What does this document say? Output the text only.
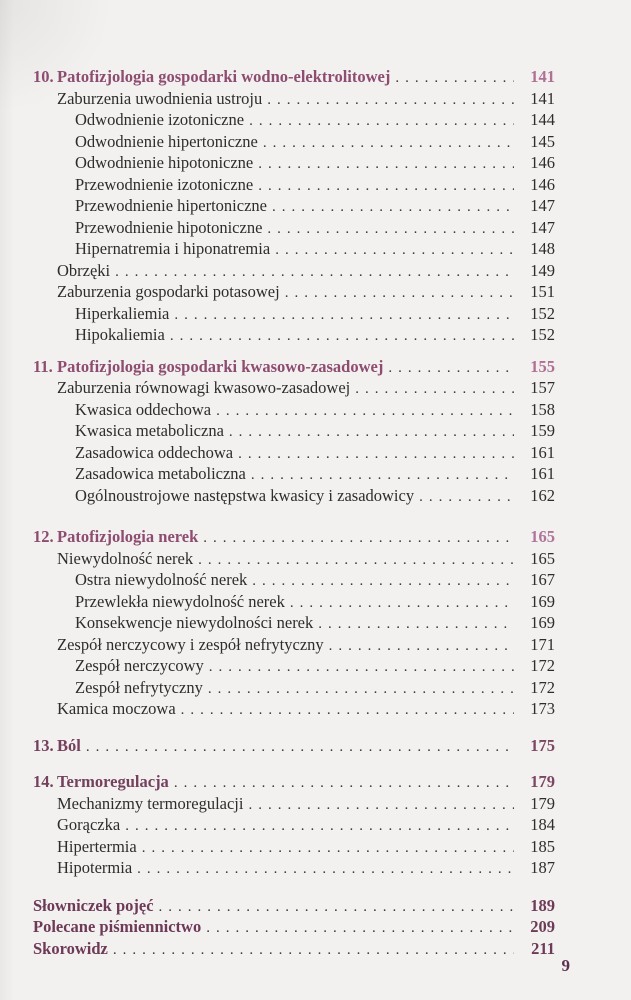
10. Patofizjologia gospodarki wodno-elektrolitowej .....	141
Zaburzenia uwodnienia ustroju .....	141
Odwodnienie izotoniczne .....	144
Odwodnienie hipertoniczne .....	145
Odwodnienie hipotoniczne .....	146
Przewodnienie izotoniczne .....	146
Przewodnienie hipertoniczne .....	147
Przewodnienie hipotoniczne .....	147
Hipernatremia i hiponatremia .....	148
Obrzęki .....	149
Zaburzenia gospodarki potasowej .....	151
Hiperkaliemia .....	152
Hipokaliemia .....	152
11. Patofizjologia gospodarki kwasowo-zasadowej .....	155
Zaburzenia równowagi kwasowo-zasadowej .....	157
Kwasica oddechowa .....	158
Kwasica metaboliczna .....	159
Zasadowica oddechowa .....	161
Zasadowica metaboliczna .....	161
Ogólnoustrojowe następstwa kwasicy i zasadowicy .....	162
12. Patofizjologia nerek .....	165
Niewydolność nerek .....	165
Ostra niewydolność nerek .....	167
Przewlekła niewydolność nerek .....	169
Konsekwencje niewydolności nerek .....	169
Zespół nerczycowy i zespół nefrytyczny .....	171
Zespół nerczycowy .....	172
Zespół nefrytyczny .....	172
Kamica moczowa .....	173
13. Ból .....	175
14. Termoregulacja .....	179
Mechanizmy termoregulacji .....	179
Gorączka .....	184
Hipertermia .....	185
Hipotermia .....	187
Słowniczek pojęć .....	189
Polecane piśmiennictwo .....	209
Skorowidz .....	211
9
